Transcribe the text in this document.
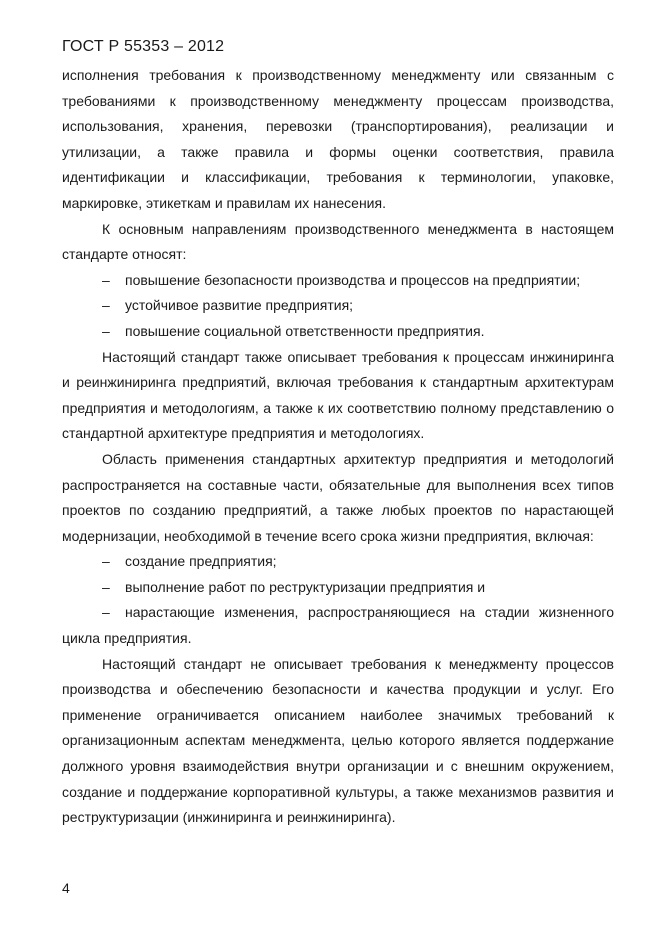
ГОСТ Р 55353 – 2012

исполнения требования к производственному менеджменту или связанным с требованиями к производственному менеджменту процессам производства, использования, хранения, перевозки (транспортирования), реализации и утилизации, а также правила и формы оценки соответствия, правила идентификации и классификации, требования к терминологии, упаковке, маркировке, этикеткам и правилам их нанесения.

К основным направлениям производственного менеджмента в настоящем стандарте относят:

– повышение безопасности производства и процессов на предприятии;

– устойчивое развитие предприятия;

– повышение социальной ответственности предприятия.

Настоящий стандарт также описывает требования к процессам инжиниринга и реинжиниринга предприятий, включая требования к стандартным архитектурам предприятия и методологиям, а также к их соответствию полному представлению о стандартной архитектуре предприятия и методологиях.

Область применения стандартных архитектур предприятия и методологий распространяется на составные части, обязательные для выполнения всех типов проектов по созданию предприятий, а также любых проектов по нарастающей модернизации, необходимой в течение всего срока жизни предприятия, включая:

– создание предприятия;

– выполнение работ по реструктуризации предприятия и

– нарастающие изменения, распространяющиеся на стадии жизненного цикла предприятия.

Настоящий стандарт не описывает требования к менеджменту процессов производства и обеспечению безопасности и качества продукции и услуг. Его применение ограничивается описанием наиболее значимых требований к организационным аспектам менеджмента, целью которого является поддержание должного уровня взаимодействия внутри организации и с внешним окружением, создание и поддержание корпоративной культуры, а также механизмов развития и реструктуризации (инжиниринга и реинжиниринга).

4
